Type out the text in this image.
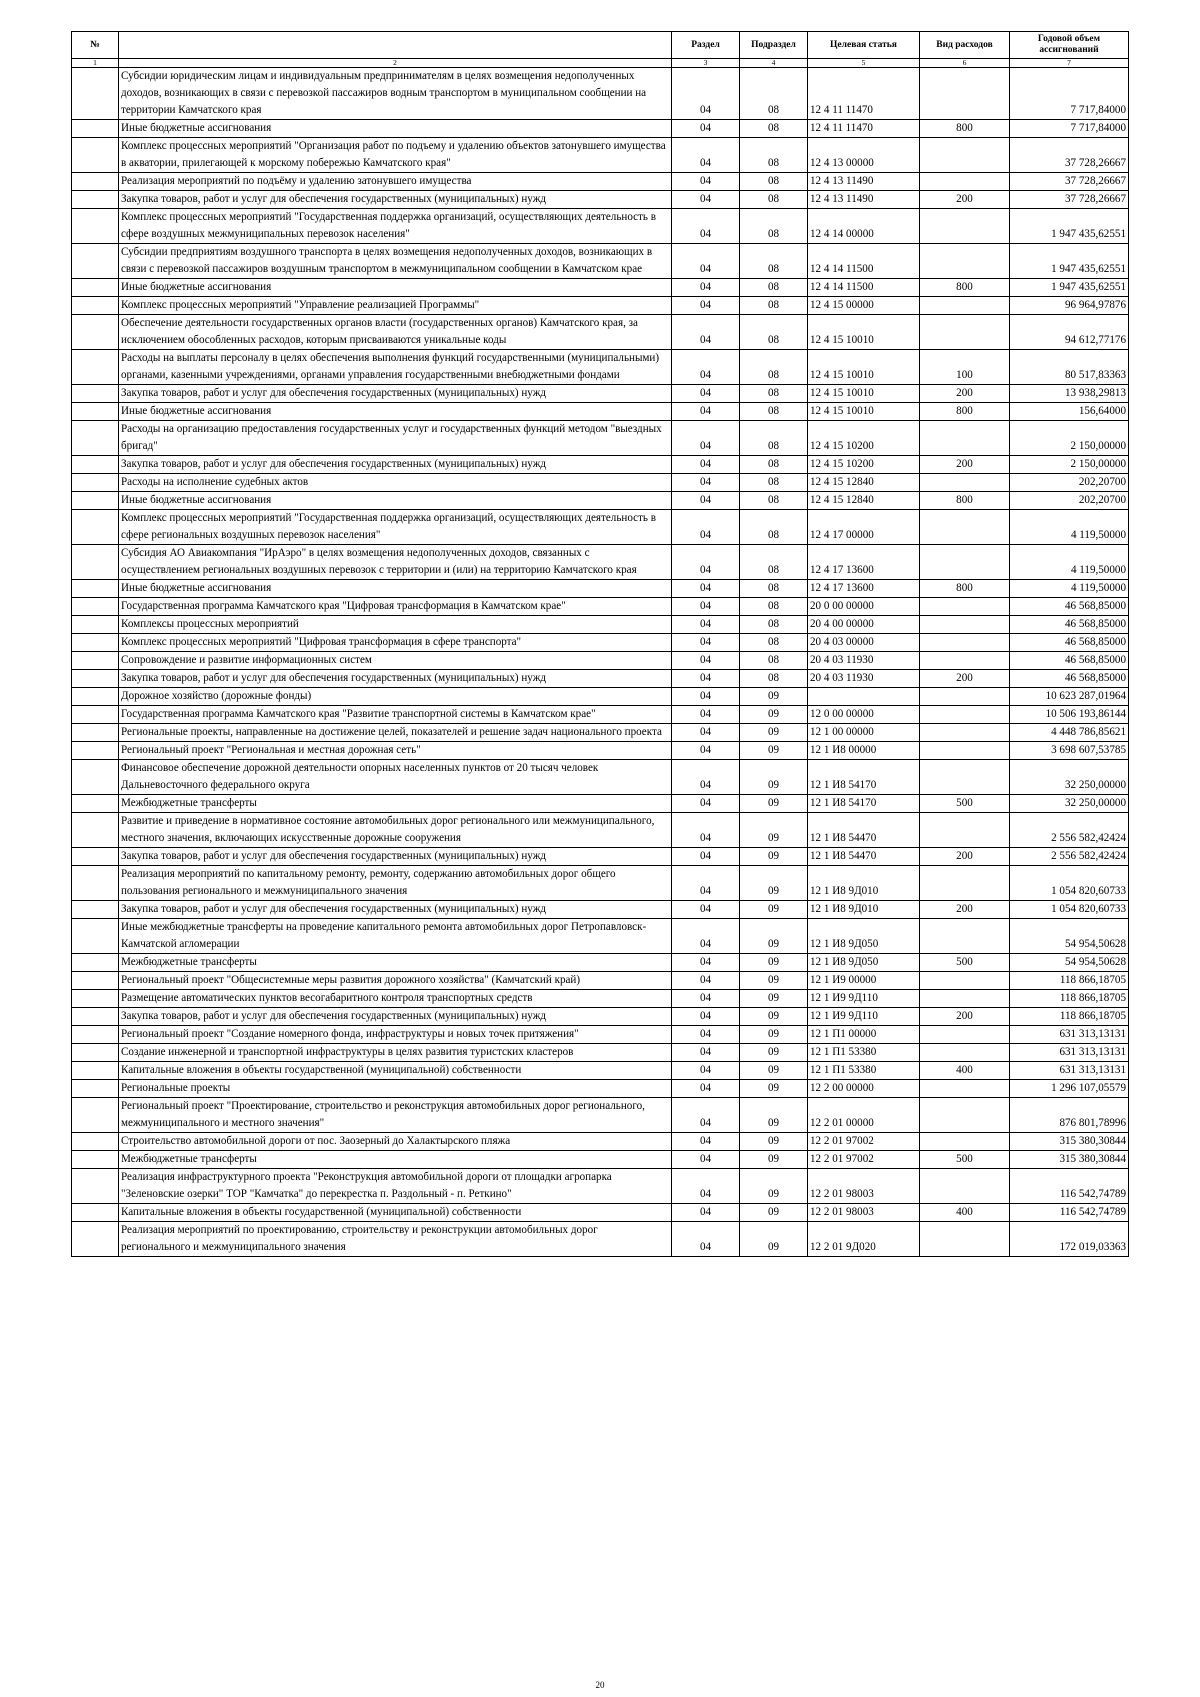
№		Раздел	Подраздел	Целевая статья	Вид расходов	Годовой объем ассигнований
1	2	3	4	5	6	7
	Субсидии юридическим лицам и индивидуальным предпринимателям в целях возмещения недополученных доходов, возникающих в связи с перевозкой пассажиров водным транспортом в муниципальном сообщении на территории Камчатского края	04	08	12 4 11 11470		7 717,84000
	Иные бюджетные ассигнования	04	08	12 4 11 11470	800	7 717,84000
	Комплекс процессных мероприятий "Организация работ по подъему и удалению объектов затонувшего имущества в акватории, прилегающей к морскому побережью Камчатского края"	04	08	12 4 13 00000		37 728,26667
	Реализация мероприятий по подъёму и удалению затонувшего имущества	04	08	12 4 13 11490		37 728,26667
	Закупка товаров, работ и услуг для обеспечения государственных (муниципальных) нужд	04	08	12 4 13 11490	200	37 728,26667
	Комплекс процессных мероприятий "Государственная поддержка организаций, осуществляющих деятельность в сфере воздушных межмуниципальных перевозок населения"	04	08	12 4 14 00000		1 947 435,62551
	Субсидии предприятиям воздушного транспорта в целях возмещения недополученных доходов, возникающих в связи с перевозкой пассажиров воздушным транспортом в межмуниципальном сообщении в Камчатском крае	04	08	12 4 14 11500		1 947 435,62551
	Иные бюджетные ассигнования	04	08	12 4 14 11500	800	1 947 435,62551
	Комплекс процессных мероприятий "Управление реализацией Программы"	04	08	12 4 15 00000		96 964,97876
	Обеспечение деятельности государственных органов власти (государственных органов) Камчатского края, за исключением обособленных расходов, которым присваиваются уникальные коды	04	08	12 4 15 10010		94 612,77176
	Расходы на выплаты персоналу в целях обеспечения выполнения функций государственными (муниципальными) органами, казенными учреждениями, органами управления государственными внебюджетными фондами	04	08	12 4 15 10010	100	80 517,83363
	Закупка товаров, работ и услуг для обеспечения государственных (муниципальных) нужд	04	08	12 4 15 10010	200	13 938,29813
	Иные бюджетные ассигнования	04	08	12 4 15 10010	800	156,64000
	Расходы на организацию предоставления государственных услуг и государственных функций методом "выездных бригад"	04	08	12 4 15 10200		2 150,00000
	Закупка товаров, работ и услуг для обеспечения государственных (муниципальных) нужд	04	08	12 4 15 10200	200	2 150,00000
	Расходы на исполнение судебных актов	04	08	12 4 15 12840		202,20700
	Иные бюджетные ассигнования	04	08	12 4 15 12840	800	202,20700
	Комплекс процессных мероприятий "Государственная поддержка организаций, осуществляющих деятельность в сфере региональных воздушных перевозок населения"	04	08	12 4 17 00000		4 119,50000
	Субсидия АО Авиакомпания "ИрАэро" в целях возмещения недополученных доходов, связанных с осуществлением региональных воздушных перевозок с территории и (или) на территорию Камчатского края	04	08	12 4 17 13600		4 119,50000
	Иные бюджетные ассигнования	04	08	12 4 17 13600	800	4 119,50000
	Государственная программа Камчатского края "Цифровая трансформация в Камчатском крае"	04	08	20 0 00 00000		46 568,85000
	Комплексы процессных мероприятий	04	08	20 4 00 00000		46 568,85000
	Комплекс процессных мероприятий "Цифровая трансформация в сфере транспорта"	04	08	20 4 03 00000		46 568,85000
	Сопровождение и развитие информационных систем	04	08	20 4 03 11930		46 568,85000
	Закупка товаров, работ и услуг для обеспечения государственных (муниципальных) нужд	04	08	20 4 03 11930	200	46 568,85000
	Дорожное хозяйство (дорожные фонды)	04	09			10 623 287,01964
	Государственная программа Камчатского края "Развитие транспортной системы в Камчатском крае"	04	09	12 0 00 00000		10 506 193,86144
	Региональные проекты, направленные на достижение целей, показателей и решение задач национального проекта	04	09	12 1 00 00000		4 448 786,85621
	Региональный проект "Региональная и местная дорожная сеть"	04	09	12 1 И8 00000		3 698 607,53785
	Финансовое обеспечение дорожной деятельности опорных населенных пунктов от 20 тысяч человек Дальневосточного федерального округа	04	09	12 1 И8 54170		32 250,00000
	Межбюджетные трансферты	04	09	12 1 И8 54170	500	32 250,00000
	Развитие и приведение в нормативное состояние автомобильных дорог регионального или межмуниципального, местного значения, включающих искусственные дорожные сооружения	04	09	12 1 И8 54470		2 556 582,42424
	Закупка товаров, работ и услуг для обеспечения государственных (муниципальных) нужд	04	09	12 1 И8 54470	200	2 556 582,42424
	Реализация мероприятий по капитальному ремонту, ремонту, содержанию автомобильных дорог общего пользования регионального и межмуниципального значения	04	09	12 1 И8 9Д010		1 054 820,60733
	Закупка товаров, работ и услуг для обеспечения государственных (муниципальных) нужд	04	09	12 1 И8 9Д010	200	1 054 820,60733
	Иные межбюджетные трансферты на проведение капитального ремонта автомобильных дорог Петропавловск-Камчатской агломерации	04	09	12 1 И8 9Д050		54 954,50628
	Межбюджетные трансферты	04	09	12 1 И8 9Д050	500	54 954,50628
	Региональный проект "Общесистемные меры развития дорожного хозяйства" (Камчатский край)	04	09	12 1 И9 00000		118 866,18705
	Размещение автоматических пунктов весогабаритного контроля транспортных средств	04	09	12 1 И9 9Д110		118 866,18705
	Закупка товаров, работ и услуг для обеспечения государственных (муниципальных) нужд	04	09	12 1 И9 9Д110	200	118 866,18705
	Региональный проект "Создание номерного фонда, инфраструктуры и новых точек притяжения"	04	09	12 1 П1 00000		631 313,13131
	Создание инженерной и транспортной инфраструктуры в целях развития туристских кластеров	04	09	12 1 П1 53380		631 313,13131
	Капитальные вложения в объекты государственной (муниципальной) собственности	04	09	12 1 П1 53380	400	631 313,13131
	Региональные проекты	04	09	12 2 00 00000		1 296 107,05579
	Региональный проект "Проектирование, строительство и реконструкция автомобильных дорог регионального, межмуниципального и местного значения"	04	09	12 2 01 00000		876 801,78996
	Строительство автомобильной дороги от пос. Заозерный до Халактырского пляжа	04	09	12 2 01 97002		315 380,30844
	Межбюджетные трансферты	04	09	12 2 01 97002	500	315 380,30844
	Реализация инфраструктурного проекта "Реконструкция автомобильной дороги от площадки агропарка "Зеленовские озерки" ТОР "Камчатка" до перекрестка п. Раздольный - п. Реткино"	04	09	12 2 01 98003		116 542,74789
	Капитальные вложения в объекты государственной (муниципальной) собственности	04	09	12 2 01 98003	400	116 542,74789
	Реализация мероприятий по проектированию, строительству и реконструкции автомобильных дорог регионального и межмуниципального значения	04	09	12 2 01 9Д020		172 019,03363
20
